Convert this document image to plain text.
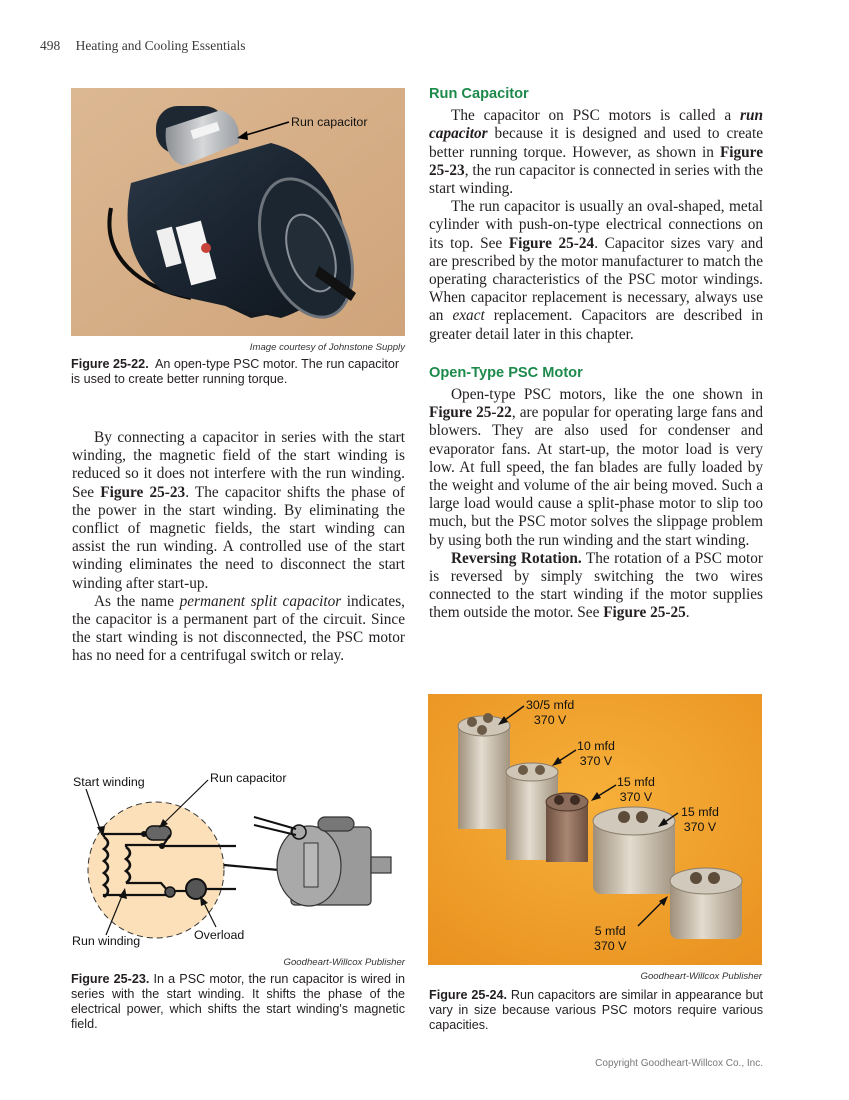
498 Heating and Cooling Essentials
Run capacitor
Image courtesy of Johnstone Supply
Figure 25-22. An open-type PSC motor. The run capacitor is used to create better running torque.

By connecting a capacitor in series with the start winding, the magnetic field of the start winding is reduced so it does not interfere with the run winding. See Figure 25-23. The capacitor shifts the phase of the power in the start winding. By eliminating the conflict of magnetic fields, the start winding can assist the run winding. A controlled use of the start winding eliminates the need to disconnect the start winding after start-up.

As the name permanent split capacitor indicates, the capacitor is a permanent part of the circuit. Since the start winding is not disconnected, the PSC motor has no need for a centrifugal switch or relay.

Start winding	Run capacitor
Run winding	Overload
Goodheart-Willcox Publisher
Figure 25-23. In a PSC motor, the run capacitor is wired in series with the start winding. It shifts the phase of the electrical power, which shifts the start winding's magnetic field.
Run Capacitor

The capacitor on PSC motors is called a run capacitor because it is designed and used to create better running torque. However, as shown in Figure 25-23, the run capacitor is connected in series with the start winding.

The run capacitor is usually an oval-shaped, metal cylinder with push-on-type electrical connections on its top. See Figure 25-24. Capacitor sizes vary and are prescribed by the motor manufacturer to match the operating characteristics of the PSC motor windings. When capacitor replacement is necessary, always use an exact replacement. Capacitors are described in greater detail later in this chapter.

Open-Type PSC Motor

Open-type PSC motors, like the one shown in Figure 25-22, are popular for operating large fans and blowers. They are also used for condenser and evaporator fans. At start-up, the motor load is very low. At full speed, the fan blades are fully loaded by the weight and volume of the air being moved. Such a large load would cause a split-phase motor to slip too much, but the PSC motor solves the slippage problem by using both the run winding and the start winding.

Reversing Rotation. The rotation of a PSC motor is reversed by simply switching the two wires connected to the start winding if the motor supplies them outside the motor. See Figure 25-25.

30/5 mfd
370 V
10 mfd
370 V
15 mfd
370 V
15 mfd
370 V
5 mfd
370 V
Goodheart-Willcox Publisher
Figure 25-24. Run capacitors are similar in appearance but vary in size because various PSC motors require various capacities.
Copyright Goodheart-Willcox Co., Inc.
